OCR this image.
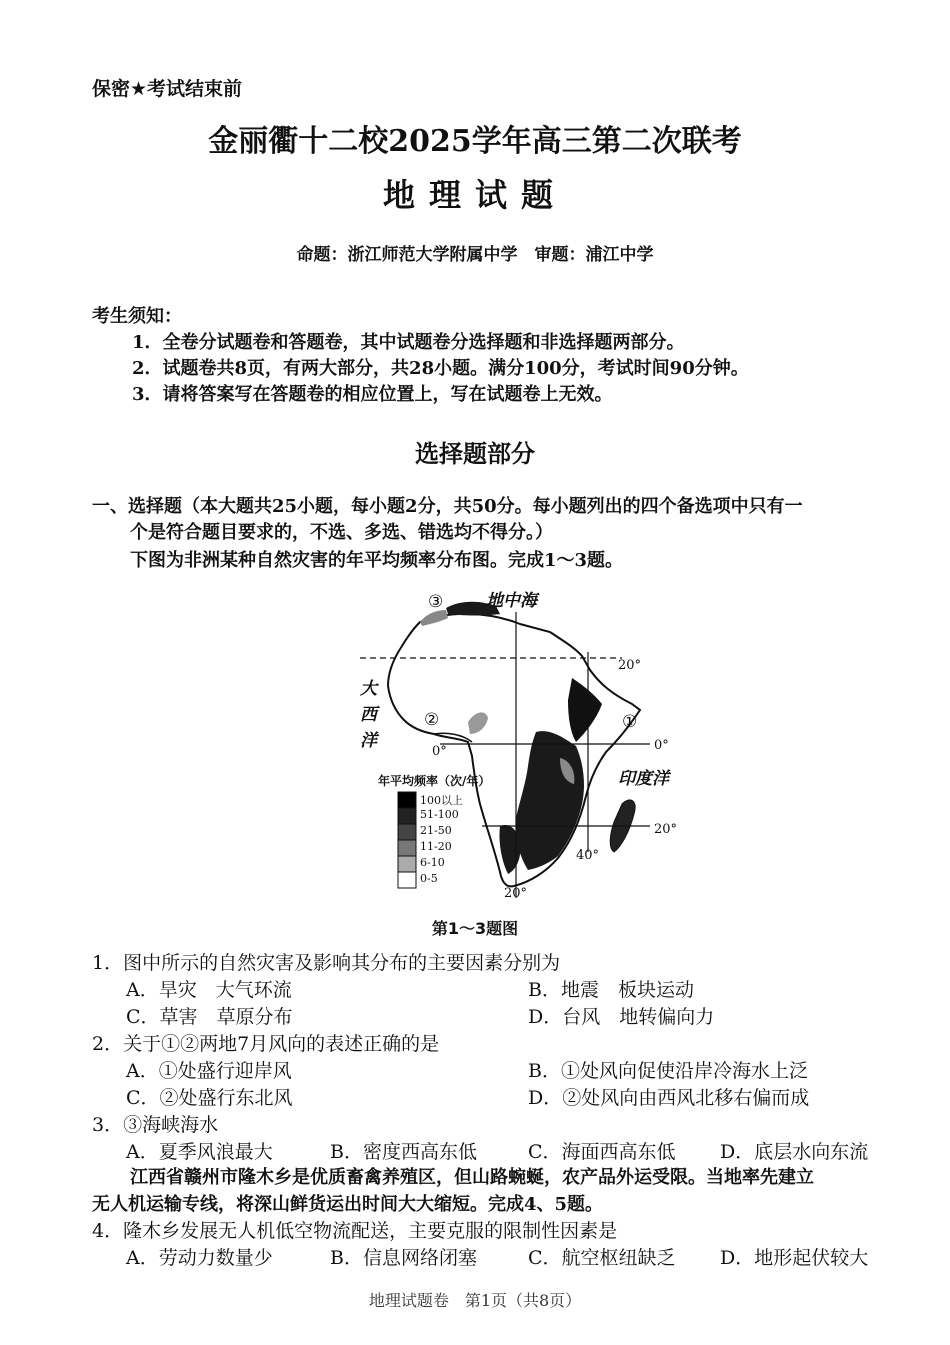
保密★考试结束前
金丽衢十二校2025学年高三第二次联考
地理试题
命题：浙江师范大学附属中学　审题：浦江中学
考生须知：
1．全卷分试题卷和答题卷，其中试题卷分选择题和非选择题两部分。
2．试题卷共8页，有两大部分，共28小题。满分100分，考试时间90分钟。
3．请将答案写在答题卷的相应位置上，写在试题卷上无效。
选择题部分
一、选择题（本大题共25小题，每小题2分，共50分。每小题列出的四个备选项中只有一
个是符合题目要求的，不选、多选、错选均不得分。）
下图为非洲某种自然灾害的年平均频率分布图。完成1～3题。
地中海
③
①
②
大
西
洋
印度洋
20°
0°	0°
20°
20°
40°
年平均频率（次/年）
100以上
51-100
21-50
11-20
6-10
0-5
第1～3题图
1．图中所示的自然灾害及影响其分布的主要因素分别为
A．旱灾　大气环流	B．地震　板块运动
C．草害　草原分布	D．台风　地转偏向力
2．关于①②两地7月风向的表述正确的是
A．①处盛行迎岸风	B．①处风向促使沿岸冷海水上泛
C．②处盛行东北风	D．②处风向由西风北移右偏而成
3．③海峡海水
A．夏季风浪最大	B．密度西高东低	C．海面西高东低 D．底层水向东流
江西省赣州市隆木乡是优质畜禽养殖区，但山路蜿蜒，农产品外运受限。当地率先建立
无人机运输专线，将深山鲜货运出时间大大缩短。完成4、5题。
4．隆木乡发展无人机低空物流配送，主要克服的限制性因素是
A．劳动力数量少	B．信息网络闭塞	C．航空枢纽缺乏 D．地形起伏较大
地理试题卷　第1页（共8页）
